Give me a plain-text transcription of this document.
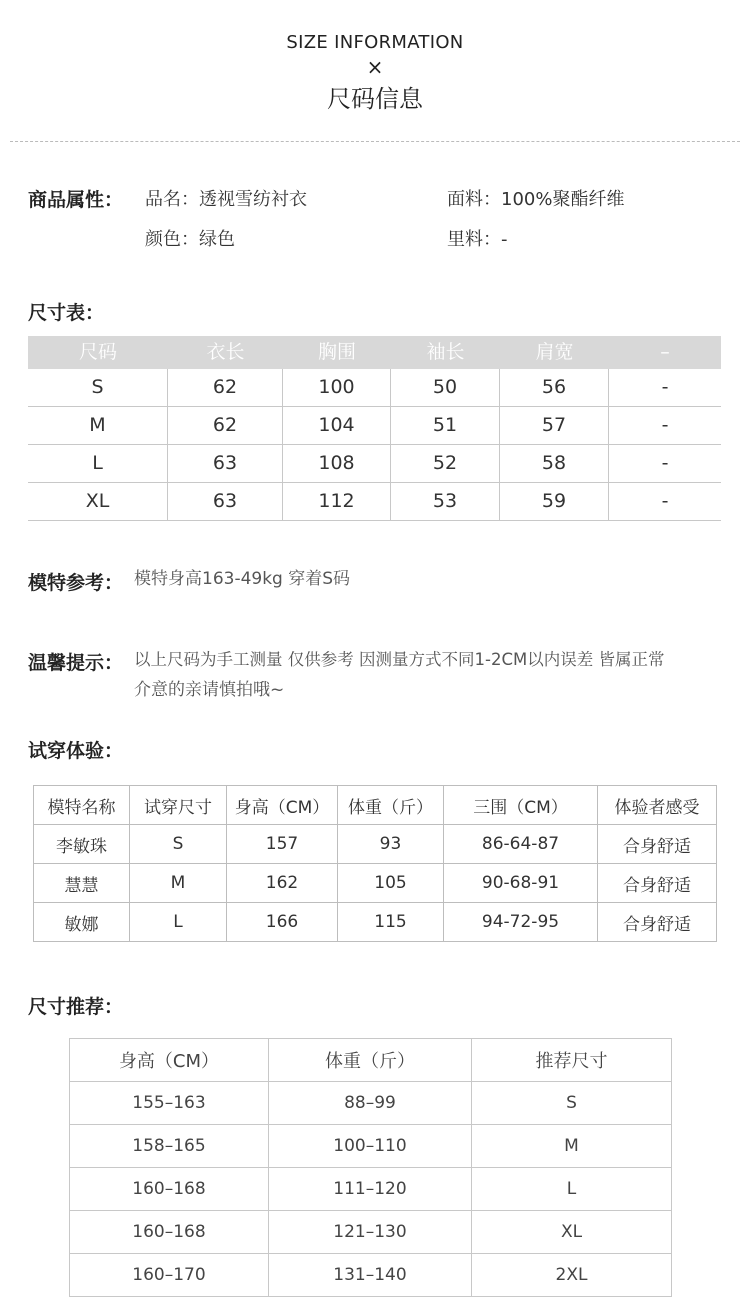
SIZE INFORMATION
×
尺码信息
商品属性： 品名：透视雪纺衬衣	面料：100%聚酯纤维
颜色：绿色	里料：-
尺寸表：
尺码	衣长	胸围	袖长	肩宽	–
S	62	100	50	56	-
M	62	104	51	57	-
L	63	108	52	58	-
XL	63	112	53	59	-
模特参考： 模特身高163-49kg 穿着S码
温馨提示： 以上尺码为手工测量 仅供参考 因测量方式不同1-2CM以内误差 皆属正常
介意的亲请慎拍哦~
试穿体验：
模特名称	试穿尺寸	身高（CM）	体重（斤）	三围（CM）	体验者感受
李敏珠	S	157	93	86-64-87	合身舒适
慧慧	M	162	105	90-68-91	合身舒适
敏娜	L	166	115	94-72-95	合身舒适
尺寸推荐：
身高（CM）	体重（斤）	推荐尺寸
155–163	88–99	S
158–165	100–110	M
160–168	111–120	L
160–168	121–130	XL
160–170	131–140	2XL
